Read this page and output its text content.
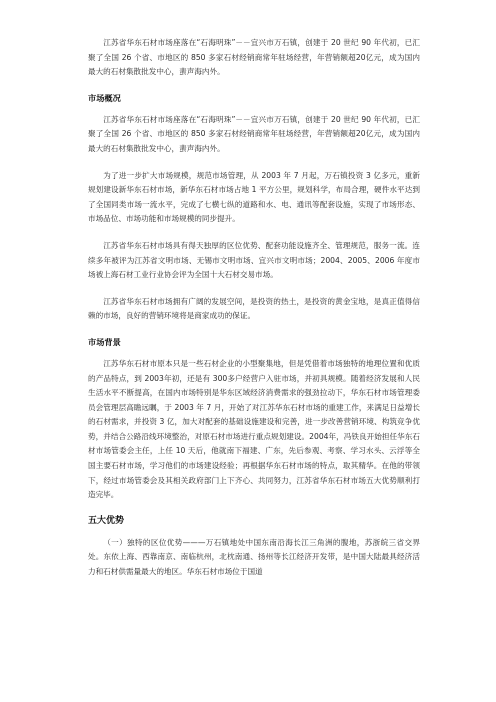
江苏省华东石材市场座落在“石海明珠”－－宜兴市万石镇，创建于 20 世纪 90 年代初，已汇聚了全国 26 个省、市地区的 850 多家石材经销商常年驻场经营，年营销额超20亿元，成为国内最大的石材集散批发中心，蜚声海内外。

市场概况

江苏省华东石材市场座落在“石海明珠”－－宜兴市万石镇，创建于 20 世纪 90 年代初，已汇聚了全国 26 个省、市地区的 850 多家石材经销商常年驻场经营，年营销额超20亿元，成为国内最大的石材集散批发中心，蜚声海内外。

为了进一步扩大市场规模，规范市场管理，从 2003 年 7 月起，万石镇投资 3 亿多元，重新规划建设新华东石材市场，新华东石材市场占地 1 平方公里，规划科学，布局合理，硬件水平达到了全国同类市场一流水平，完成了七横七纵的道路和水、电、通讯等配套设施，实现了市场形态、市场品位、市场功能和市场规模的同步提升。

江苏省华东石材市场具有得天独厚的区位优势、配套功能设施齐全、管理规范，服务一流。连续多年被评为江苏省文明市场、无锡市文明市场、宜兴市文明市场；2004、2005、2006 年度市场被上海石材工业行业协会评为全国十大石材交易市场。

江苏省华东石材市场拥有广阔的发展空间，是投资的热土，是投资的黄金宝地，是真正值得信赖的市场，良好的营销环境将是商家成功的保证。

市场背景

江苏华东石材市原本只是一些石材企业的小型聚集地，但是凭借着市场独特的地理位置和优质的产品特点，到 2003年初，还是有 300多户经营户入驻市场，并初具规模。随着经济发展和人民生活水平不断提高，在国内市场特别是华东区域经济消费需求的强劲拉动下，华东石材市场管理委员会管理层高瞻远瞩，于 2003 年 7 月，开始了对江苏华东石材市场的重建工作，来满足日益增长的石材需求，并投资 3 亿，加大对配套的基础设施建设和完善，进一步改善营销环境、构筑竞争优势，并结合公路沿线环境整治，对原石材市场进行重点规划建设。2004年，冯铁良开始担任华东石材市场管委会主任，上任 10 天后，他就南下福建、广东，先后参观、考察、学习水头、云浮等全国主要石材市场，学习他们的市场建设经验；再根据华东石材市场的特点，取其精华。在他的带领下，经过市场管委会及其相关政府部门上下齐心、共同努力，江苏省华东石材市场五大优势顺利打造完毕。

五大优势

（一）独特的区位优势———万石镇地处中国东南沿海长江三角洲的腹地，苏浙皖三省交界处。东依上海、西靠南京、南临杭州，北枕南通、扬州等长江经济开发带，是中国大陆最具经济活力和石材供需量最大的地区。华东石材市场位于国道
